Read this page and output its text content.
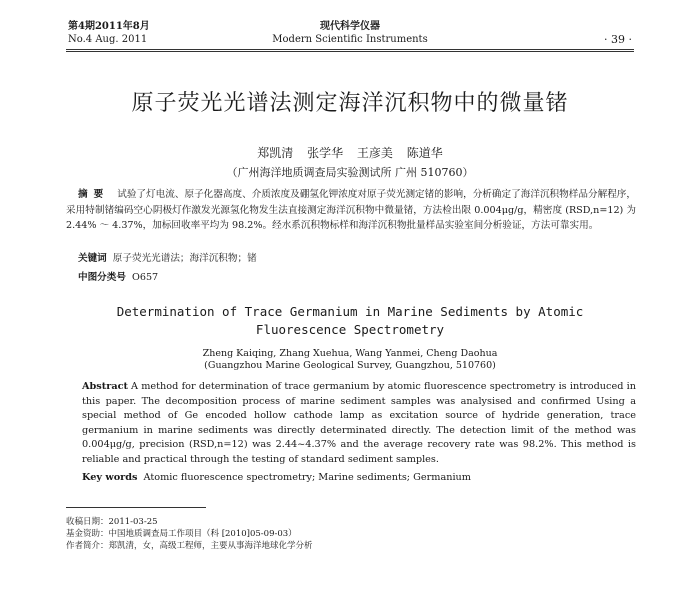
第4期2011年8月
No.4 Aug. 2011
现代科学仪器
Modern Scientific Instruments	· 39 ·
原子荧光光谱法测定海洋沉积物中的微量锗
郑凯清 张学华 王彦美 陈道华
（广州海洋地质调查局实验测试所 广州 510760）
摘要 试验了灯电流、原子化器高度、介质浓度及硼氢化钾浓度对原子荧光测定锗的影响，分析确定了海洋沉积物样品分解程序，采用特制锗编码空心阴极灯作激发光源氢化物发生法直接测定海洋沉积物中微量锗，方法检出限 0.004μg/g，精密度 (RSD,n=12) 为 2.44% ～ 4.37%，加标回收率平均为 98.2%。经水系沉积物标样和海洋沉积物批量样品实验室间分析验证，方法可靠实用。
关键词 原子荧光光谱法；海洋沉积物；锗
中图分类号 O657
Determination of Trace Germanium in Marine Sediments by Atomic Fluorescence Spectrometry
Zheng Kaiqing, Zhang Xuehua, Wang Yanmei, Cheng Daohua
(Guangzhou Marine Geological Survey, Guangzhou, 510760)
Abstract A method for determination of trace germanium by atomic fluorescence spectrometry is introduced in this paper. The decomposition process of marine sediment samples was analysised and confirmed Using a special method of Ge encoded hollow cathode lamp as excitation source of hydride generation, trace germanium in marine sediments was directly determinated directly. The detection limit of the method was 0.004μg/g, precision (RSD,n=12) was 2.44~4.37% and the average recovery rate was 98.2%. This method is reliable and practical through the testing of standard sediment samples.
Key words Atomic fluorescence spectrometry; Marine sediments; Germanium
收稿日期：2011-03-25
基金资助：中国地质调查局工作项目（科 [2010]05-09-03）
作者简介：郑凯清，女，高级工程师，主要从事海洋地球化学分析
